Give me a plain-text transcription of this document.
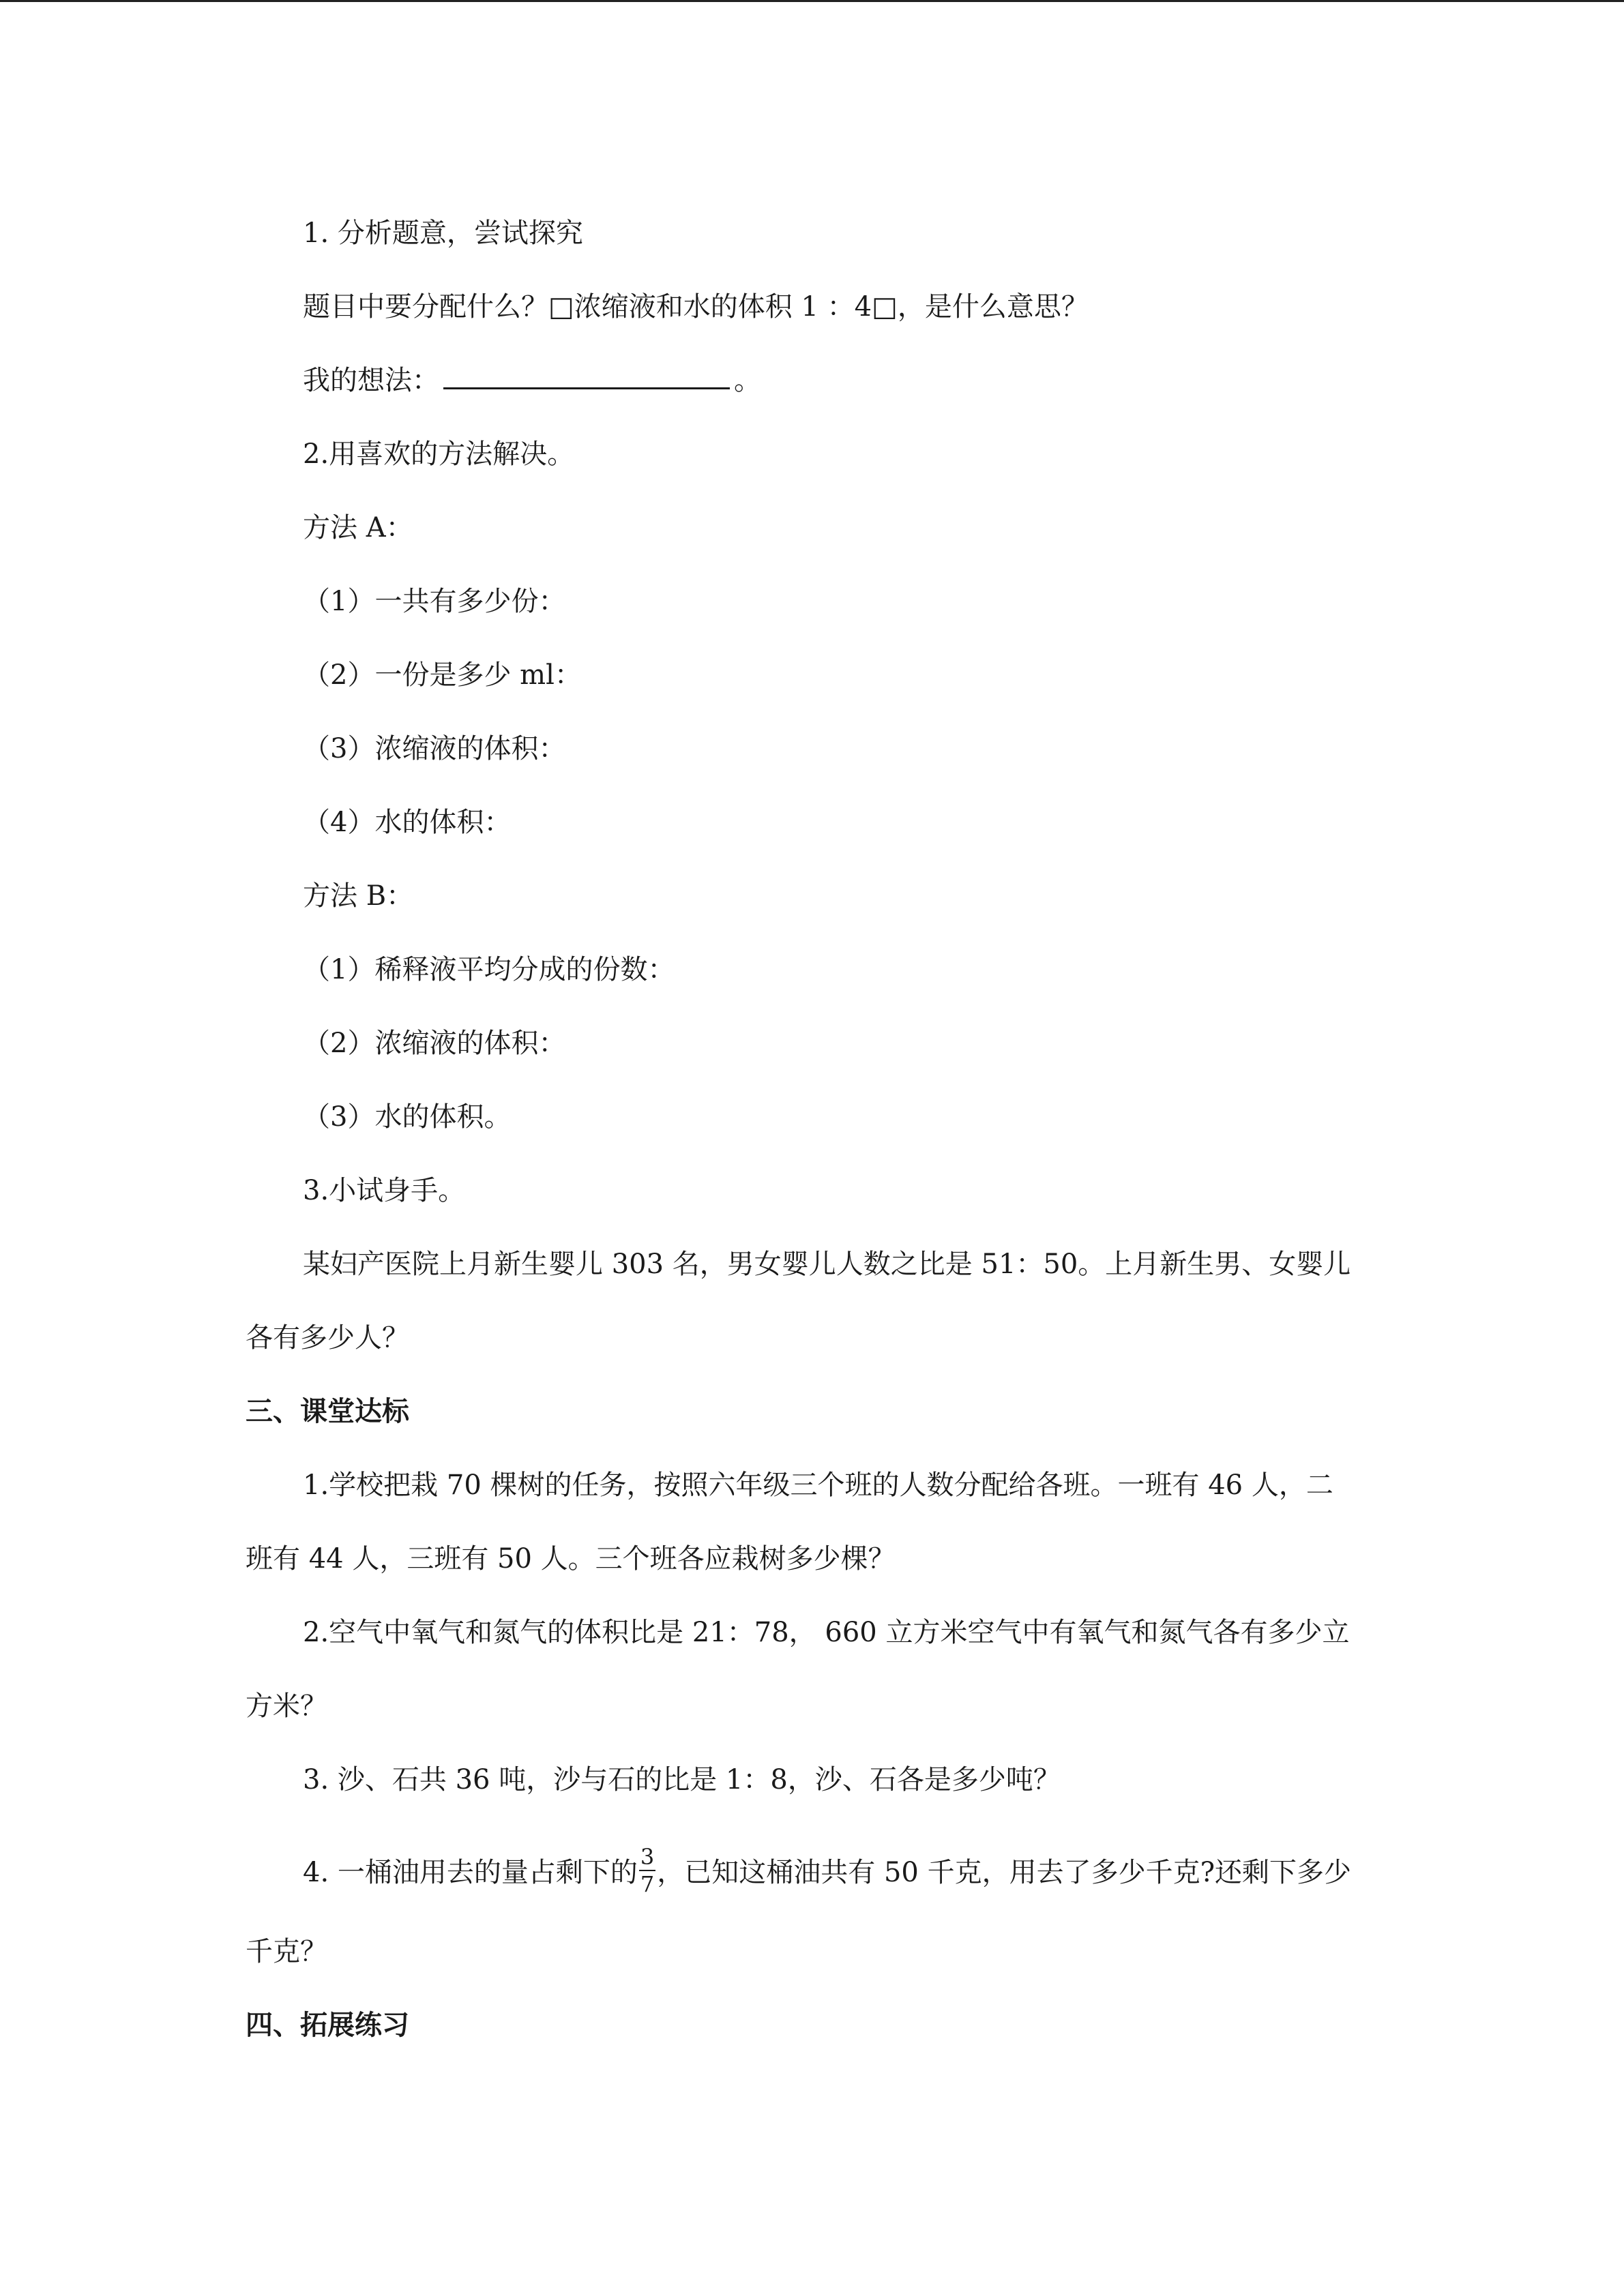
1. 分析题意，尝试探究
题目中要分配什么？□浓缩液和水的体积 1 ：4□，是什么意思？
我的想法：	。
2.用喜欢的方法解决。
方法 A：
（1）一共有多少份：
（2）一份是多少 ml：
（3）浓缩液的体积：
（4）水的体积：
方法 B：
（1）稀释液平均分成的份数：
（2）浓缩液的体积：
（3）水的体积。
3.小试身手。
某妇产医院上月新生婴儿 303 名，男女婴儿人数之比是 51：50。上月新生男、女婴儿
各有多少人？
三、课堂达标
1.学校把栽 70 棵树的任务，按照六年级三个班的人数分配给各班。一班有 46 人，二
班有 44 人，三班有 50 人。三个班各应栽树多少棵？
2.空气中氧气和氮气的体积比是 21：78， 660 立方米空气中有氧气和氮气各有多少立
方米？
3. 沙、石共 36 吨，沙与石的比是 1：8，沙、石各是多少吨？
4. 一桶油用去的量占剩下的 $\frac{3}{7}$ ，已知这桶油共有 50 千克，用去了多少千克?还剩下多少
千克？
四、拓展练习
